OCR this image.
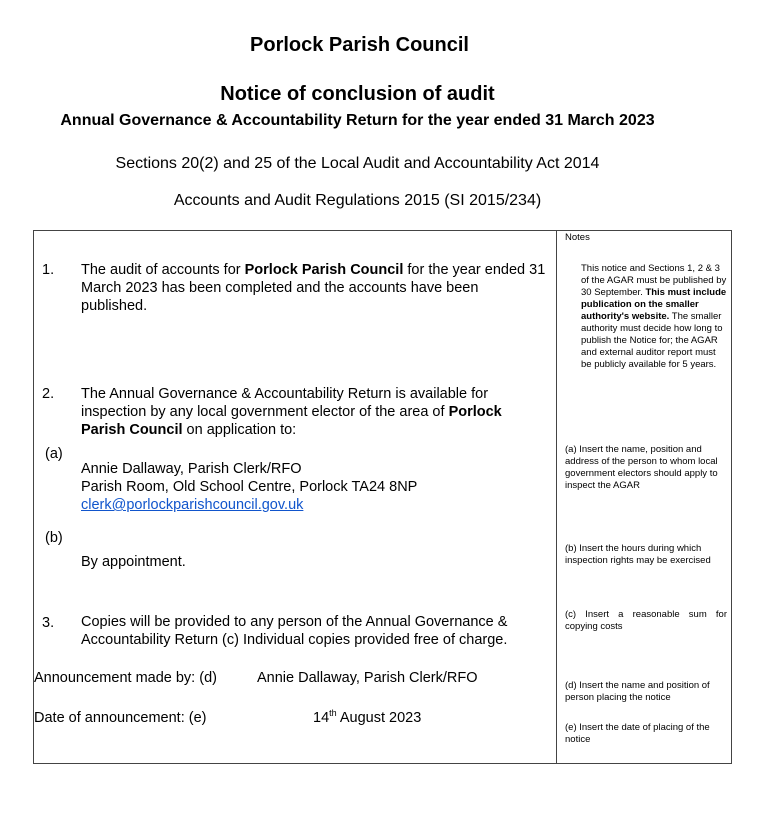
Porlock Parish Council
Notice of conclusion of audit
Annual Governance & Accountability Return for the year ended 31 March 2023
Sections 20(2) and 25 of the Local Audit and Accountability Act 2014
Accounts and Audit Regulations 2015 (SI 2015/234)
Notes
1. The audit of accounts for Porlock Parish Council for the year ended 31 March 2023 has been completed and the accounts have been published.
2. The Annual Governance & Accountability Return is available for inspection by any local government elector of the area of Porlock Parish Council on application to:
(a)
Annie Dallaway, Parish Clerk/RFO
Parish Room, Old School Centre, Porlock TA24 8NP
clerk@porlockparishcouncil.gov.uk
(b)
By appointment.
3. Copies will be provided to any person of the Annual Governance & Accountability Return (c) Individual copies provided free of charge.
Announcement made by: (d)	Annie Dallaway, Parish Clerk/RFO
Date of announcement: (e)	14th August 2023
This notice and Sections 1, 2 & 3 of the AGAR must be published by 30 September. This must include publication on the smaller authority's website. The smaller authority must decide how long to publish the Notice for; the AGAR and external auditor report must be publicly available for 5 years.
(a) Insert the name, position and address of the person to whom local government electors should apply to inspect the AGAR
(b) Insert the hours during which inspection rights may be exercised
(c) Insert a reasonable sum for copying costs
(d) Insert the name and position of person placing the notice
(e) Insert the date of placing of the notice
